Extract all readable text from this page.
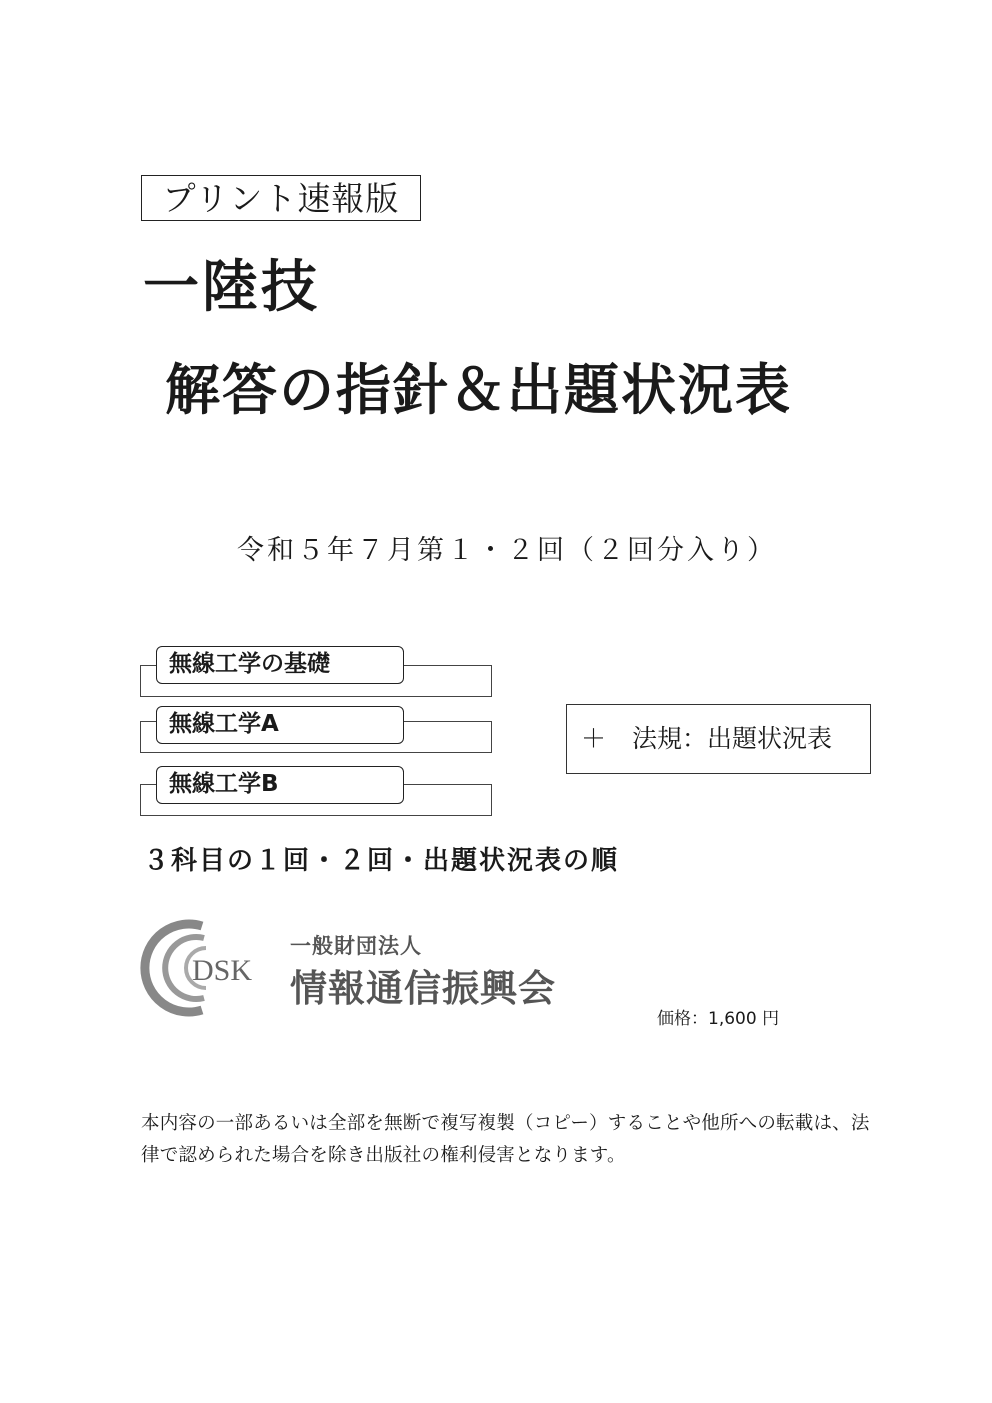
プリント速報版
一陸技
解答の指針＆出題状況表
令和５年７月第１・２回（２回分入り）
無線工学の基礎
無線工学A
無線工学B
＋ 法規：出題状況表
３科目の１回・２回・出題状況表の順
DSK
一般財団法人
情報通信振興会
価格：1,600 円
本内容の一部あるいは全部を無断で複写複製（コピー）することや他所への転載は、法
律で認められた場合を除き出版社の権利侵害となります。
